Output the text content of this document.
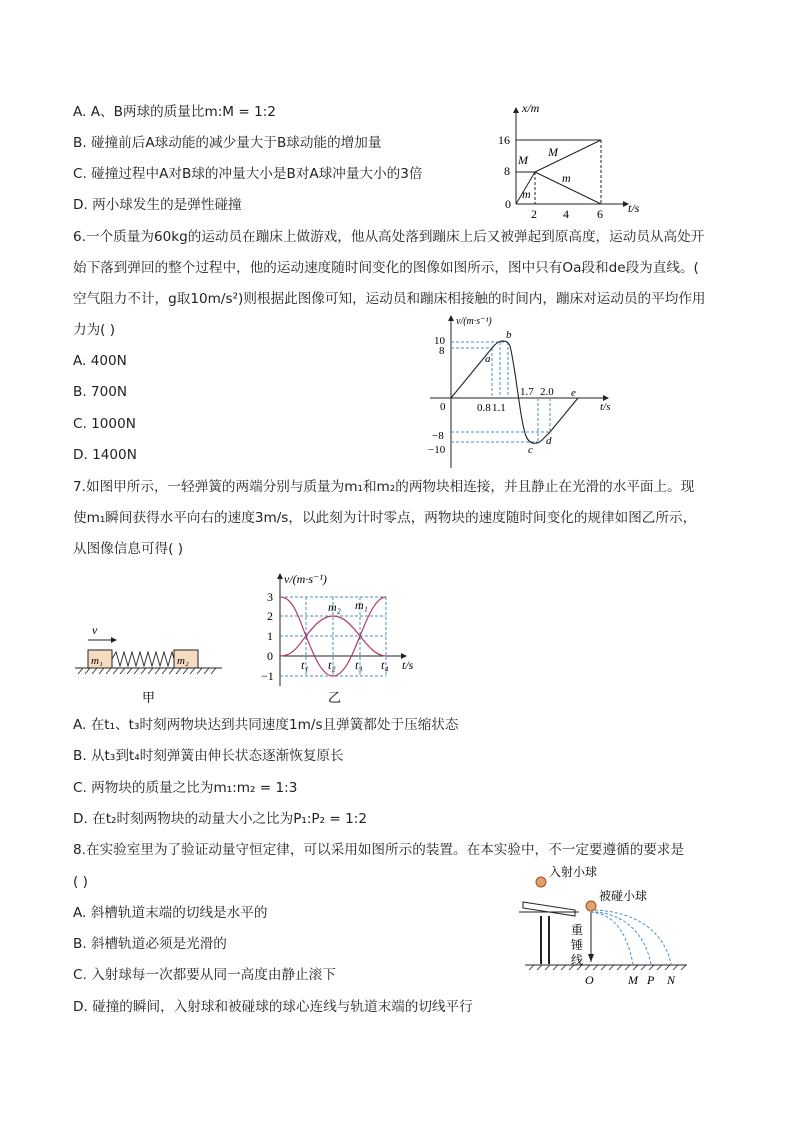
A. A、B两球的质量比m:M = 1:2
B. 碰撞前后A球动能的减少量大于B球动能的增加量
C. 碰撞过程中A对B球的冲量大小是B对A球冲量大小的3倍
D. 两小球发生的是弹性碰撞
x/m
t/s
16
8
0
2 4 6
M
M
m
m
6.一个质量为60kg的运动员在蹦床上做游戏，他从高处落到蹦床上后又被弹起到原高度，运动员从高处开
始下落到弹回的整个过程中，他的运动速度随时间变化的图像如图所示，图中只有Oa段和de段为直线。(
空气阻力不计，g取10m/s²)则根据此图像可知，运动员和蹦床相接触的时间内，蹦床对运动员的平均作用
力为( )
A. 400N
B. 700N
C. 1000N
D. 1400N
v/(m·s⁻¹)
t/s
10
8
−8
−10
0	0.8 1.1
1.7 2.0
a
b
c
d
e
7.如图甲所示，一轻弹簧的两端分别与质量为m₁和m₂的两物块相连接，并且静止在光滑的水平面上。现
使m₁瞬间获得水平向右的速度3m/s，以此刻为计时零点，两物块的速度随时间变化的规律如图乙所示，
从图像信息可得( )
v
m₁	m₂
甲
v/(m·s⁻¹)
t/s
3
2
1
0
−1
m₂ m₁
t₁ t₂ t₃ t₄
乙
A. 在t₁、t₃时刻两物块达到共同速度1m/s且弹簧都处于压缩状态
B. 从t₃到t₄时刻弹簧由伸长状态逐渐恢复原长
C. 两物块的质量之比为m₁:m₂ = 1:3
D. 在t₂时刻两物块的动量大小之比为P₁:P₂ = 1:2
8.在实验室里为了验证动量守恒定律，可以采用如图所示的装置。在本实验中，不一定要遵循的要求是
( )
A. 斜槽轨道末端的切线是水平的
B. 斜槽轨道必须是光滑的
C. 入射球每一次都要从同一高度由静止滚下
D. 碰撞的瞬间，入射球和被碰球的球心连线与轨道末端的切线平行
入射小球
被碰小球
重
锤
线
O	M P N
